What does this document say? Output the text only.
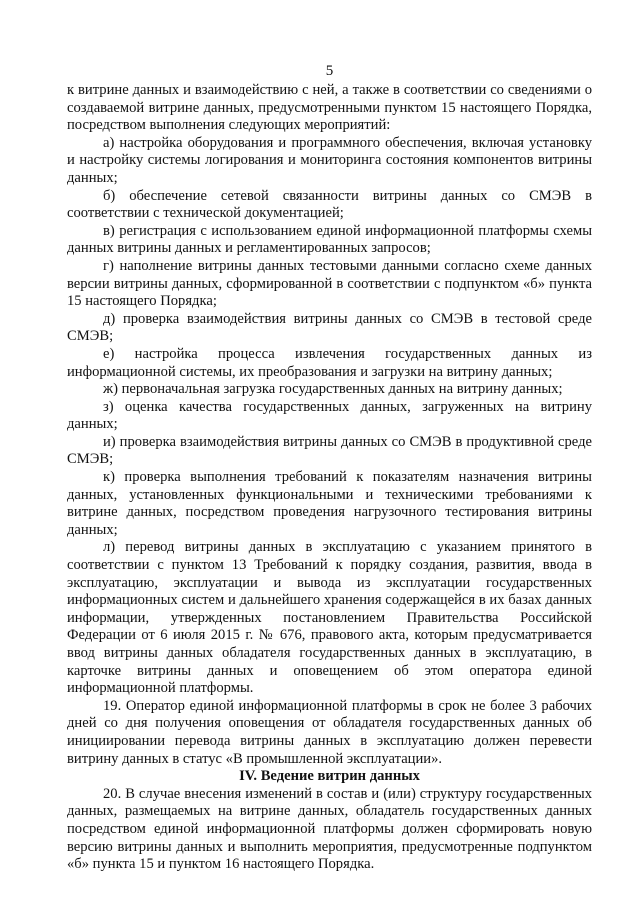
5

к витрине данных и взаимодействию с ней, а также в соответствии со сведениями о создаваемой витрине данных, предусмотренными пунктом 15 настоящего Порядка, посредством выполнения следующих мероприятий:

а) настройка оборудования и программного обеспечения, включая установку и настройку системы логирования и мониторинга состояния компонентов витрины данных;

б) обеспечение сетевой связанности витрины данных со СМЭВ в соответствии с технической документацией;

в) регистрация с использованием единой информационной платформы схемы данных витрины данных и регламентированных запросов;

г) наполнение витрины данных тестовыми данными согласно схеме данных версии витрины данных, сформированной в соответствии с подпунктом «б» пункта 15 настоящего Порядка;

д) проверка взаимодействия витрины данных со СМЭВ в тестовой среде СМЭВ;

е) настройка процесса извлечения государственных данных из информационной системы, их преобразования и загрузки на витрину данных;

ж) первоначальная загрузка государственных данных на витрину данных;

з) оценка качества государственных данных, загруженных на витрину данных;

и) проверка взаимодействия витрины данных со СМЭВ в продуктивной среде СМЭВ;

к) проверка выполнения требований к показателям назначения витрины данных, установленных функциональными и техническими требованиями к витрине данных, посредством проведения нагрузочного тестирования витрины данных;

л) перевод витрины данных в эксплуатацию с указанием принятого в соответствии с пунктом 13 Требований к порядку создания, развития, ввода в эксплуатацию, эксплуатации и вывода из эксплуатации государственных информационных систем и дальнейшего хранения содержащейся в их базах данных информации, утвержденных постановлением Правительства Российской Федерации от 6 июля 2015 г. № 676, правового акта, которым предусматривается ввод витрины данных обладателя государственных данных в эксплуатацию, в карточке витрины данных и оповещением об этом оператора единой информационной платформы.

19. Оператор единой информационной платформы в срок не более 3 рабочих дней со дня получения оповещения от обладателя государственных данных об инициировании перевода витрины данных в эксплуатацию должен перевести витрину данных в статус «В промышленной эксплуатации».

IV. Ведение витрин данных

20. В случае внесения изменений в состав и (или) структуру государственных данных, размещаемых на витрине данных, обладатель государственных данных посредством единой информационной платформы должен сформировать новую версию витрины данных и выполнить мероприятия, предусмотренные подпунктом «б» пункта 15 и пунктом 16 настоящего Порядка.
